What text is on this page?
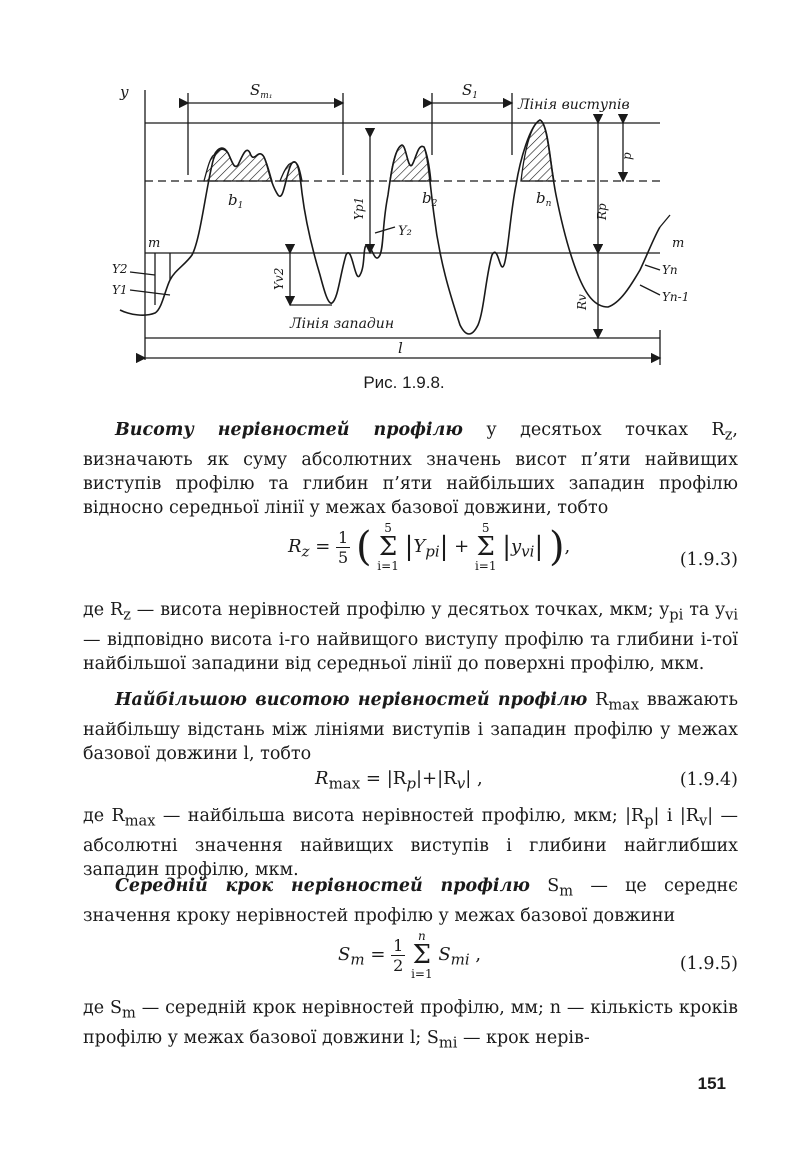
y	$S_{m_1}$	$S_1$
Лінія виступів
Лінія западин
p
Rp
Rv
Yp1
Yv2
Y₂
$b_1$	$b_2$	$b_n$
m	m
Y2
Y1
Yn
Yn-1
l
Рис. 1.9.8.

Висоту нерівностей профілю у десятьох точках $R_z$, визначають як суму абсолютних значень висот п’яти найвищих виступів профілю та глибин п’яти найбільших западин профілю відносно середньої лінії у межах базової довжини, тобто

$R_z = \frac{1}{5}$ ( 5
Σ
i=1 $|Y_{pi}| + 5$
Σ
i=1 $|y_{vi}|$ ),
(1.9.3)

де $R_z$ — висота нерівностей профілю у десятьох точках, мкм; $y_{pi}$ та $y_{vi}$ — відповідно висота i-го найвищого виступу профілю та глибини i-тої найбільшої западини від середньої лінії до поверхні профілю, мкм.

Найбільшою висотою нерівностей профілю $R_{max}$ вважають найбільшу відстань між лініями виступів і западин профілю у межах базової довжини l, тобто

$R_{max} = |R_p|+|R_v|$ ,	(1.9.4)

де $R_{max}$ — найбільша висота нерівностей профілю, мкм; $|R_p|$ і $|R_v|$ — абсолютні значення найвищих виступів і глибини найглибших западин профілю, мкм.

Середній крок нерівностей профілю $S_m$ — це середнє значення кроку нерівностей профілю у межах базової довжини

$S_m = \frac{1}{2}$ n
Σ
i=1 $S_{mi}$ ,	(1.9.5)

де $S_m$ — середній крок нерівностей профілю, мм; n — кількість кроків профілю у межах базової довжини l; $S_{mi}$ — крок нерів-

151
